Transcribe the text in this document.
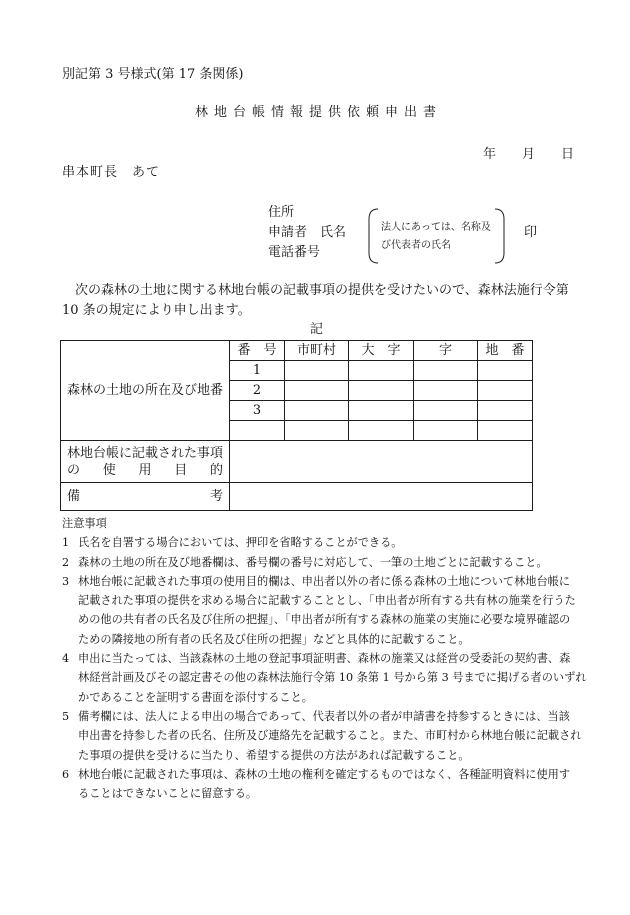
別記第 3 号様式(第 17 条関係)
林地台帳情報提供依頼申出書
年　　月　　日
串本町長　あて
住所
申請者　氏名
電話番号
法人にあっては、名称及
び代表者の氏名
印
　次の森林の土地に関する林地台帳の記載事項の提供を受けたいので、森林法施行令第
10 条の規定により申し出ます。
記
森林の土地の所在及び地番	番　号	市町村	大　字	字	地　番
	1				
	2				
	3				

林地台帳に記載された事項
の　使　用　目　的					

備考					
注意事項
1 氏名を自署する場合においては、押印を省略することができる。
2 森林の土地の所在及び地番欄は、番号欄の番号に対応して、一筆の土地ごとに記載すること。
3 林地台帳に記載された事項の使用目的欄は、申出者以外の者に係る森林の土地について林地台帳に
記載された事項の提供を求める場合に記載することとし、「申出者が所有する共有林の施業を行うた
めの他の共有者の氏名及び住所の把握」、「申出者が所有する森林の施業の実施に必要な境界確認の
ための隣接地の所有者の氏名及び住所の把握」などと具体的に記載すること。
4 申出に当たっては、当該森林の土地の登記事項証明書、森林の施業又は経営の受委託の契約書、森
林経営計画及びその認定書その他の森林法施行令第 10 条第 1 号から第 3 号までに掲げる者のいずれ
かであることを証明する書面を添付すること。
5 備考欄には、法人による申出の場合であって、代表者以外の者が申請書を持参するときには、当該
申出書を持参した者の氏名、住所及び連絡先を記載すること。また、市町村から林地台帳に記載され
た事項の提供を受けるに当たり、希望する提供の方法があれば記載すること。
6 林地台帳に記載された事項は、森林の土地の権利を確定するものではなく、各種証明資料に使用す
ることはできないことに留意する。
